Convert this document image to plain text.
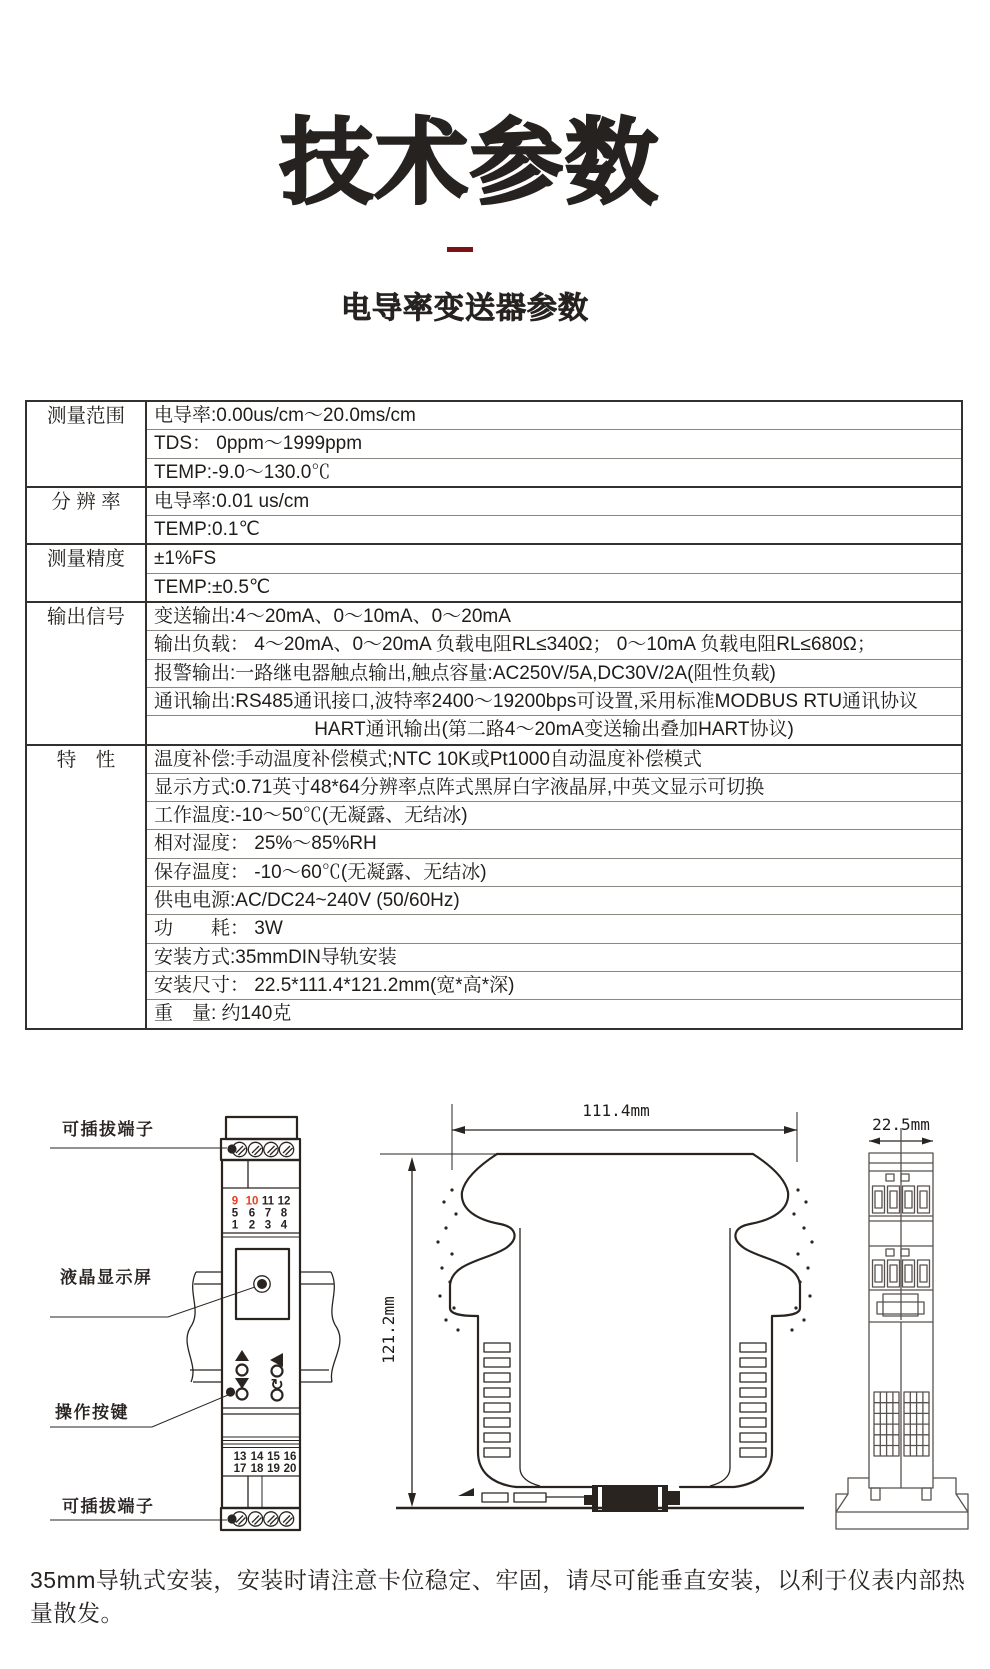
技术参数
电导率变送器参数
测量范围	电导率:0.00us/cm～20.0ms/cm
TDS： 0ppm～1999ppm
TEMP:-9.0～130.0℃
分 辨 率	电导率:0.01 us/cm
TEMP:0.1℃
测量精度	±1%FS
TEMP:±0.5℃
输出信号	变送输出:4～20mA、0～10mA、0～20mA
输出负载： 4～20mA、0～20mA 负载电阻RL≤340Ω； 0～10mA 负载电阻RL≤680Ω；
报警输出:一路继电器触点输出,触点容量:AC250V/5A,DC30V/2A(阻性负载)
通讯输出:RS485通讯接口,波特率2400～19200bps可设置,采用标准MODBUS RTU通讯协议
HART通讯输出(第二路4～20mA变送输出叠加HART协议)
特　性	温度补偿:手动温度补偿模式;NTC 10K或Pt1000自动温度补偿模式
显示方式:0.71英寸48*64分辨率点阵式黑屏白字液晶屏,中英文显示可切换
工作温度:-10～50℃(无凝露、无结冰)
相对湿度： 25%～85%RH
保存温度： -10～60℃(无凝露、无结冰)
供电电源:AC/DC24~240V (50/60Hz)
功　　耗： 3W
安装方式:35mmDIN导轨安装
安装尺寸： 22.5*111.4*121.2mm(宽*高*深)
重　量: 约140克
9 10 11 12
5 6 7 8
1 2 3 4
↻
13 14 15 16
17 18 19 20
可插拔端子
液晶显示屏
操作按键
可插拔端子
111.4mm
121.2mm
22.5mm

35mm导轨式安装，安装时请注意卡位稳定、牢固，请尽可能垂直安装，以利于仪表内部热量散发。
